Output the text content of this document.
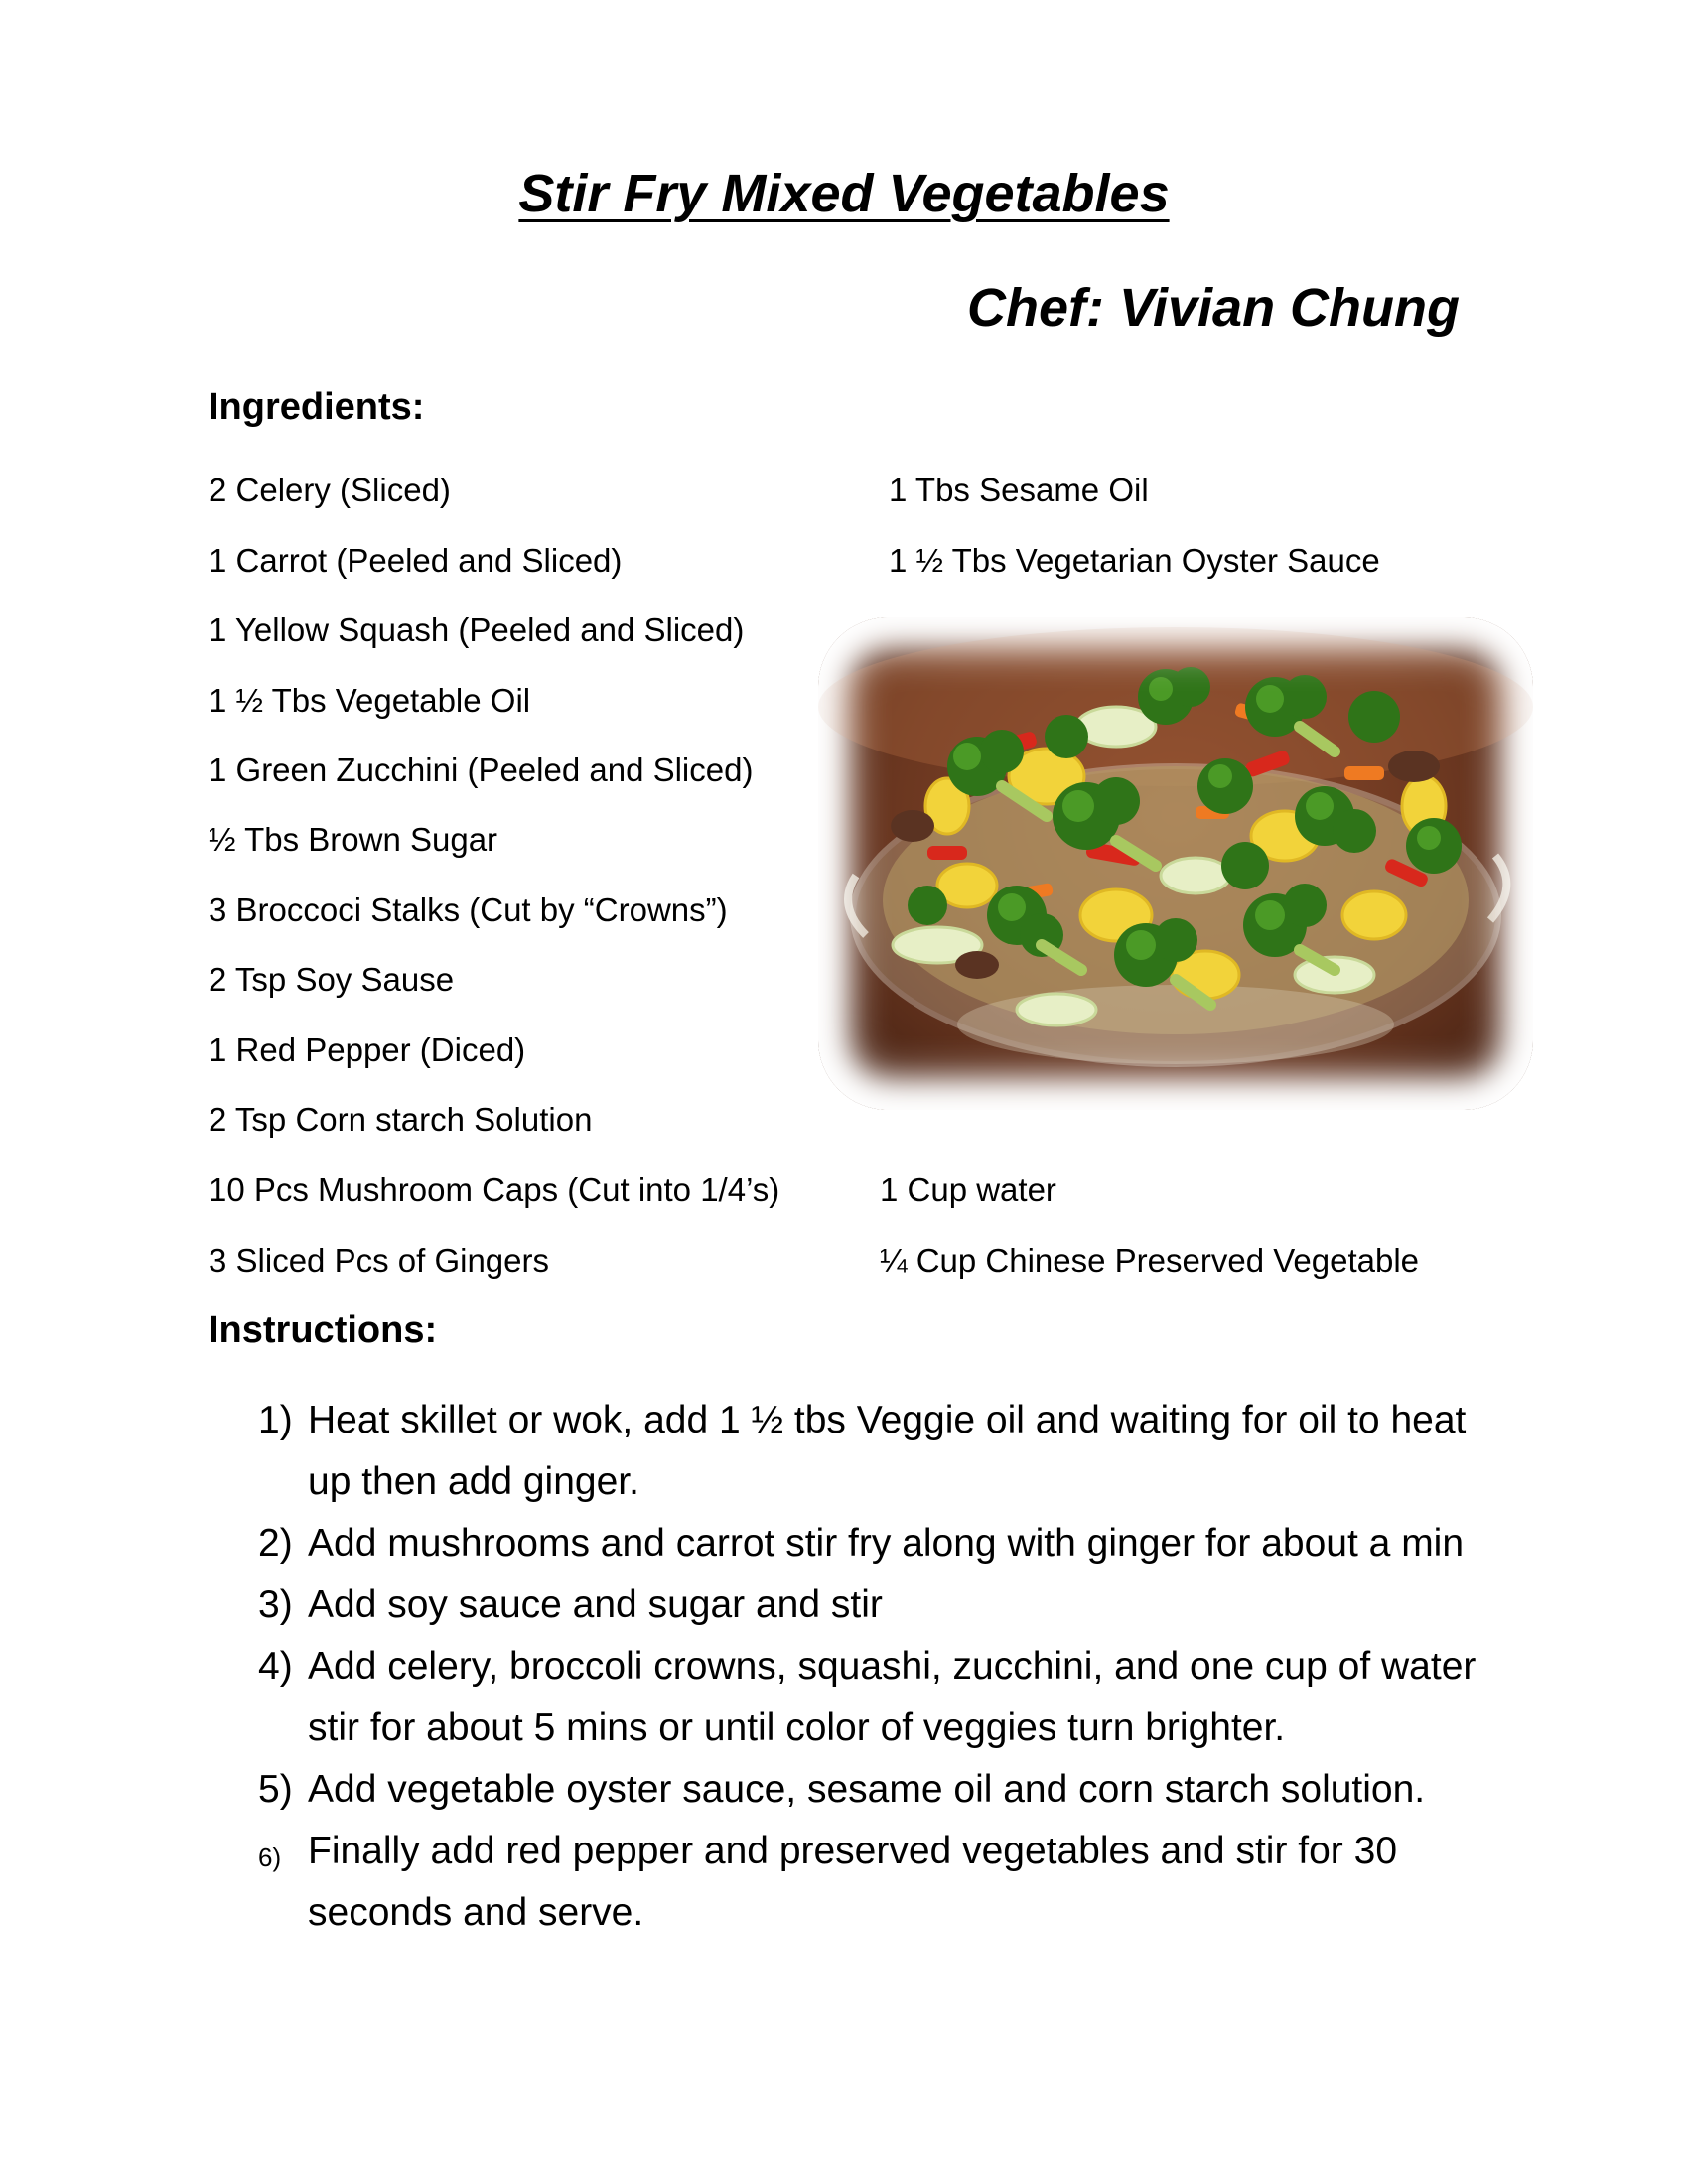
Stir Fry Mixed Vegetables
Chef: Vivian Chung
Ingredients:
2 Celery (Sliced)
1 Carrot (Peeled and Sliced)
1 Yellow Squash (Peeled and Sliced)
1 ½ Tbs Vegetable Oil
1 Green Zucchini (Peeled and Sliced)
½ Tbs Brown Sugar
3 Broccoci Stalks (Cut by “Crowns”)
2 Tsp Soy Sause
1 Red Pepper (Diced)
2 Tsp Corn starch Solution
10 Pcs Mushroom Caps (Cut into 1/4’s)
3 Sliced Pcs of Gingers
1 Tbs Sesame Oil
1 ½ Tbs Vegetarian Oyster Sauce
1 Cup water
¼ Cup Chinese Preserved Vegetable
Instructions:
1) Heat skillet or wok, add 1 ½ tbs Veggie oil and waiting for oil to heat up then add ginger.
2) Add mushrooms and carrot stir fry along with ginger for about a min
3) Add soy sauce and sugar and stir
4) Add celery, broccoli crowns, squashi, zucchini, and one cup of water stir for about 5 mins or until color of veggies turn brighter.
5) Add vegetable oyster sauce, sesame oil and corn starch solution.
6) Finally add red pepper and preserved vegetables and stir for 30 seconds and serve.
